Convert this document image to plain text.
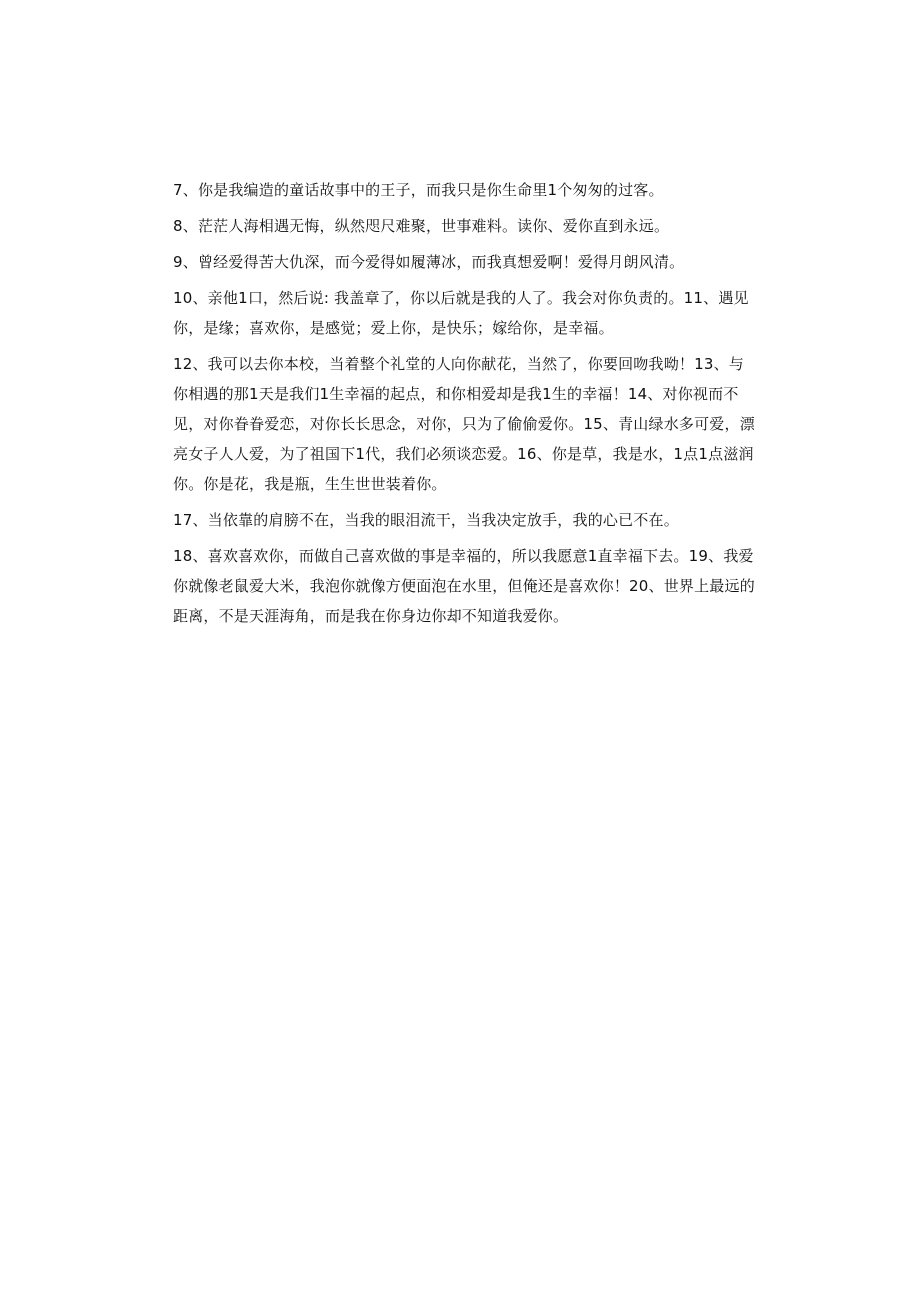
7、你是我编造的童话故事中的王子，而我只是你生命里1个匆匆的过客。

8、茫茫人海相遇无悔，纵然咫尺难聚，世事难料。读你、爱你直到永远。

9、曾经爱得苦大仇深，而今爱得如履薄冰，而我真想爱啊！爱得月朗风清。

10、亲他1口，然后说: 我盖章了，你以后就是我的人了。我会对你负责的。11、遇见你，是缘；喜欢你，是感觉；爱上你，是快乐；嫁给你，是幸福。

12、我可以去你本校，当着整个礼堂的人向你献花，当然了，你要回吻我呦！13、与你相遇的那1天是我们1生幸福的起点，和你相爱却是我1生的幸福！14、对你视而不见，对你眷眷爱恋，对你长长思念，对你，只为了偷偷爱你。15、青山绿水多可爱，漂亮女子人人爱，为了祖国下1代，我们必须谈恋爱。16、你是草，我是水，1点1点滋润你。你是花，我是瓶，生生世世装着你。

17、当依靠的肩膀不在，当我的眼泪流干，当我决定放手，我的心已不在。

18、喜欢喜欢你，而做自己喜欢做的事是幸福的，所以我愿意1直幸福下去。19、我爱你就像老鼠爱大米，我泡你就像方便面泡在水里，但俺还是喜欢你！20、世界上最远的距离，不是天涯海角，而是我在你身边你却不知道我爱你。
